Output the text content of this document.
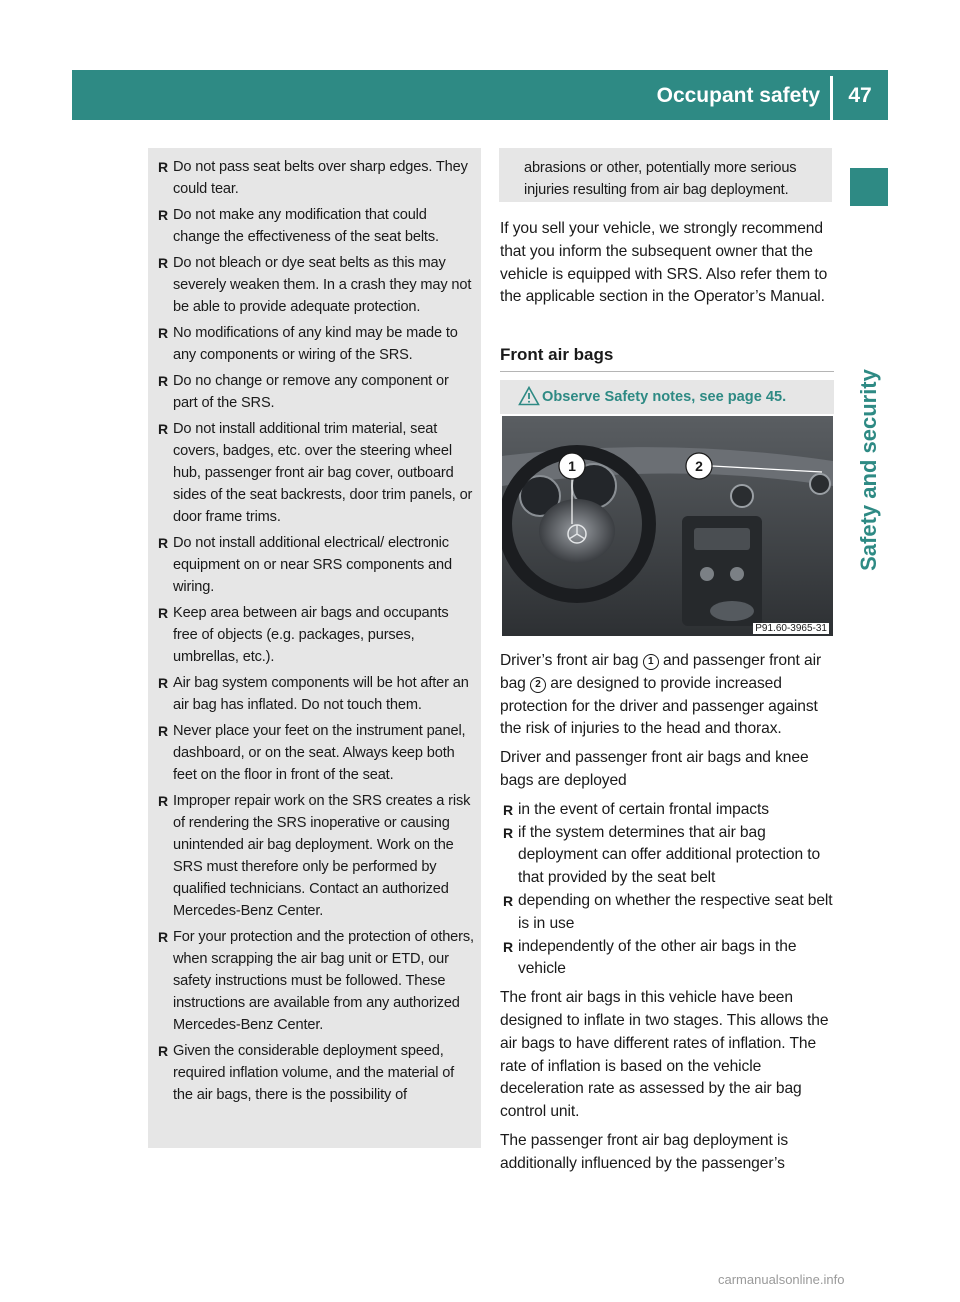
Occupant safety	47
Safety and security
R Do not pass seat belts over sharp edges. They could tear.
R Do not make any modification that could change the effectiveness of the seat belts.
R Do not bleach or dye seat belts as this may severely weaken them. In a crash they may not be able to provide adequate protection.
R No modifications of any kind may be made to any components or wiring of the SRS.
R Do no change or remove any component or part of the SRS.
R Do not install additional trim material, seat covers, badges, etc. over the steering wheel hub, passenger front air bag cover, outboard sides of the seat backrests, door trim panels, or door frame trims.
R Do not install additional electrical/ electronic equipment on or near SRS components and wiring.
R Keep area between air bags and occupants free of objects (e.g. packages, purses, umbrellas, etc.).
R Air bag system components will be hot after an air bag has inflated. Do not touch them.
R Never place your feet on the instrument panel, dashboard, or on the seat. Always keep both feet on the floor in front of the seat.
R Improper repair work on the SRS creates a risk of rendering the SRS inoperative or causing unintended air bag deployment. Work on the SRS must therefore only be performed by qualified technicians. Contact an authorized Mercedes-Benz Center.
R For your protection and the protection of others, when scrapping the air bag unit or ETD, our safety instructions must be followed. These instructions are available from any authorized Mercedes-Benz Center.
R Given the considerable deployment speed, required inflation volume, and the material of the air bags, there is the possibility of

abrasions or other, potentially more serious injuries resulting from air bag deployment.

If you sell your vehicle, we strongly recommend that you inform the subsequent owner that the vehicle is equipped with SRS. Also refer them to the applicable section in the Operator’s Manual.

Front air bags
Observe Safety notes, see page 45.
1	2
P91.60-3965-31

Driver’s front air bag 1 and passenger front air bag 2 are designed to provide increased protection for the driver and passenger against the risk of injuries to the head and thorax.

Driver and passenger front air bags and knee bags are deployed

R in the event of certain frontal impacts
R if the system determines that air bag deployment can offer additional protection to that provided by the seat belt
R depending on whether the respective seat belt is in use
R independently of the other air bags in the vehicle

The front air bags in this vehicle have been designed to inflate in two stages. This allows the air bags to have different rates of inflation. The rate of inflation is based on the vehicle deceleration rate as assessed by the air bag control unit.

The passenger front air bag deployment is additionally influenced by the passenger’s

carmanualsonline.info
